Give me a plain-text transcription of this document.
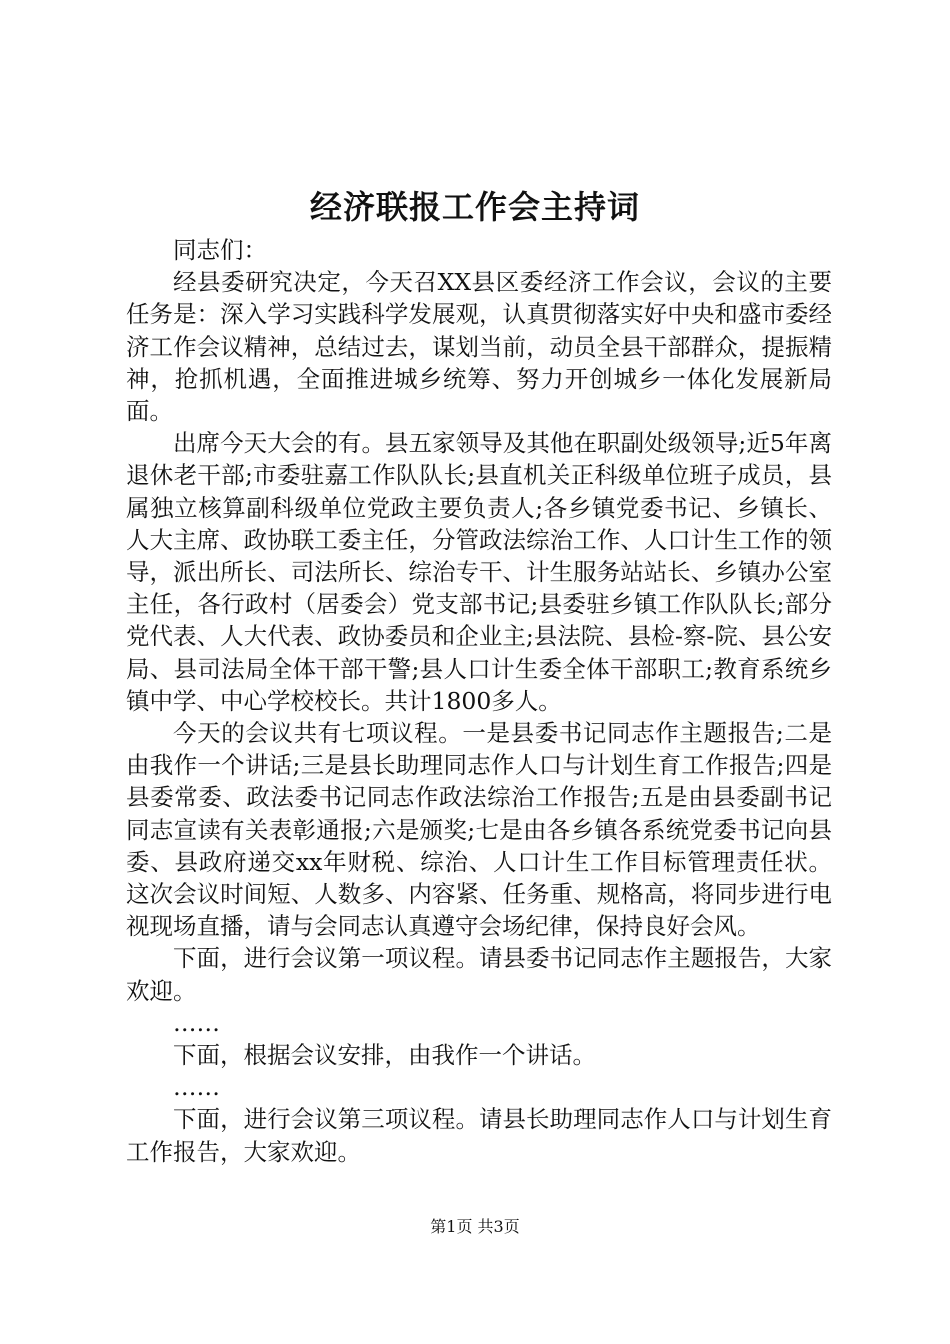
经济联报工作会主持词

同志们：

经县委研究决定，今天召XX县区委经济工作会议，会议的主要任务是：深入学习实践科学发展观，认真贯彻落实好中央和盛市委经济工作会议精神，总结过去，谋划当前，动员全县干部群众，提振精神，抢抓机遇，全面推进城乡统筹、努力开创城乡一体化发展新局面。

出席今天大会的有。县五家领导及其他在职副处级领导;近5年离退休老干部;市委驻嘉工作队队长;县直机关正科级单位班子成员，县属独立核算副科级单位党政主要负责人;各乡镇党委书记、乡镇长、人大主席、政协联工委主任，分管政法综治工作、人口计生工作的领导，派出所长、司法所长、综治专干、计生服务站站长、乡镇办公室主任，各行政村（居委会）党支部书记;县委驻乡镇工作队队长;部分党代表、人大代表、政协委员和企业主;县法院、县检-察-院、县公安局、县司法局全体干部干警;县人口计生委全体干部职工;教育系统乡镇中学、中心学校校长。共计1800多人。

今天的会议共有七项议程。一是县委书记同志作主题报告;二是由我作一个讲话;三是县长助理同志作人口与计划生育工作报告;四是县委常委、政法委书记同志作政法综治工作报告;五是由县委副书记同志宣读有关表彰通报;六是颁奖;七是由各乡镇各系统党委书记向县委、县政府递交xx年财税、综治、人口计生工作目标管理责任状。这次会议时间短、人数多、内容紧、任务重、规格高，将同步进行电视现场直播，请与会同志认真遵守会场纪律，保持良好会风。

下面，进行会议第一项议程。请县委书记同志作主题报告，大家欢迎。

……

下面，根据会议安排，由我作一个讲话。

……

下面，进行会议第三项议程。请县长助理同志作人口与计划生育工作报告，大家欢迎。

第1页 共3页
